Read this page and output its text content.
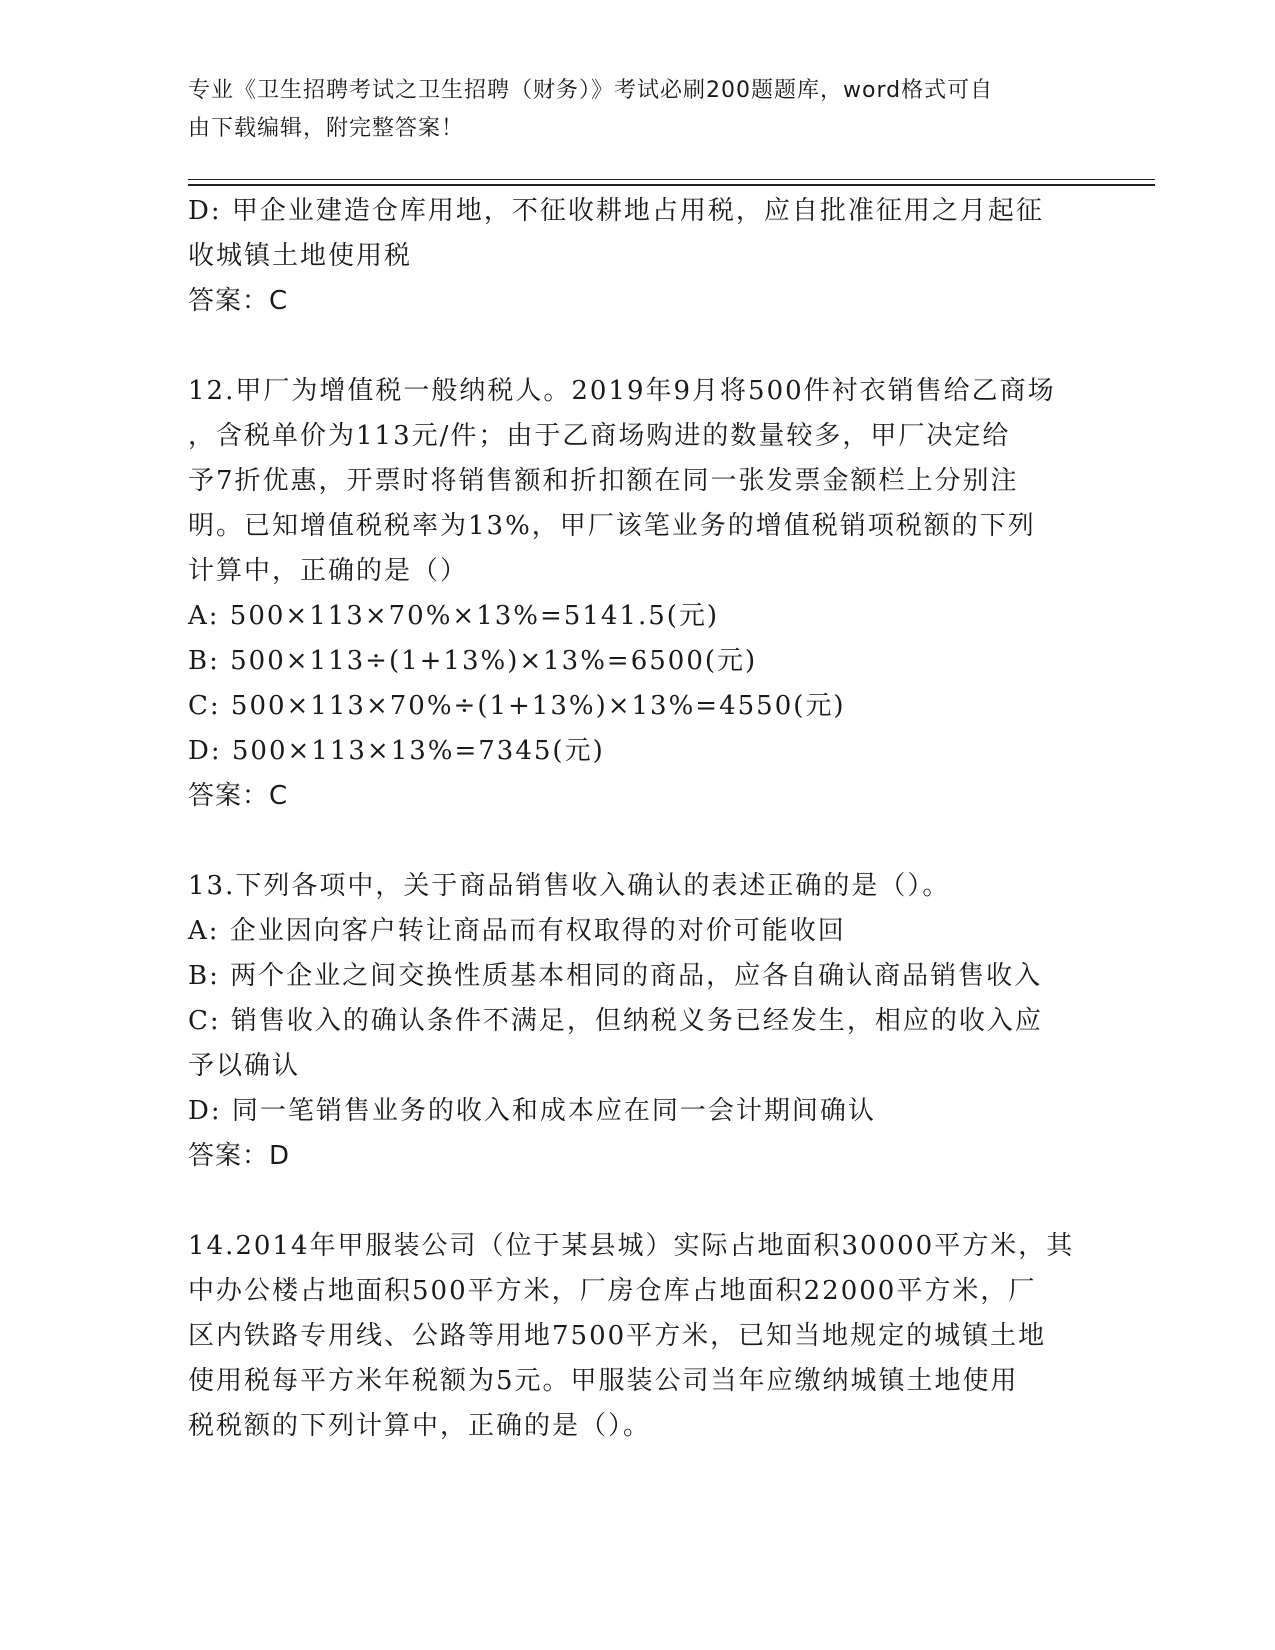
专业《卫生招聘考试之卫生招聘（财务）》考试必刷200题题库，word格式可自
由下载编辑，附完整答案！

D: 甲企业建造仓库用地，不征收耕地占用税，应自批准征用之月起征

收城镇土地使用税

答案：C

12.甲厂为增值税一般纳税人。2019年9月将500件衬衣销售给乙商场

，含税单价为113元/件；由于乙商场购进的数量较多，甲厂决定给

予7折优惠，开票时将销售额和折扣额在同一张发票金额栏上分别注

明。已知增值税税率为13%，甲厂该笔业务的增值税销项税额的下列

计算中，正确的是（）

A: 500×113×70%×13%=5141.5(元)

B: 500×113÷(1+13%)×13%=6500(元)

C: 500×113×70%÷(1+13%)×13%=4550(元)

D: 500×113×13%=7345(元)

答案：C

13.下列各项中，关于商品销售收入确认的表述正确的是（）。

A: 企业因向客户转让商品而有权取得的对价可能收回

B: 两个企业之间交换性质基本相同的商品，应各自确认商品销售收入

C: 销售收入的确认条件不满足，但纳税义务已经发生，相应的收入应

予以确认

D: 同一笔销售业务的收入和成本应在同一会计期间确认

答案：D

14.2014年甲服装公司（位于某县城）实际占地面积30000平方米，其

中办公楼占地面积500平方米，厂房仓库占地面积22000平方米，厂

区内铁路专用线、公路等用地7500平方米，已知当地规定的城镇土地

使用税每平方米年税额为5元。甲服装公司当年应缴纳城镇土地使用

税税额的下列计算中，正确的是（）。
